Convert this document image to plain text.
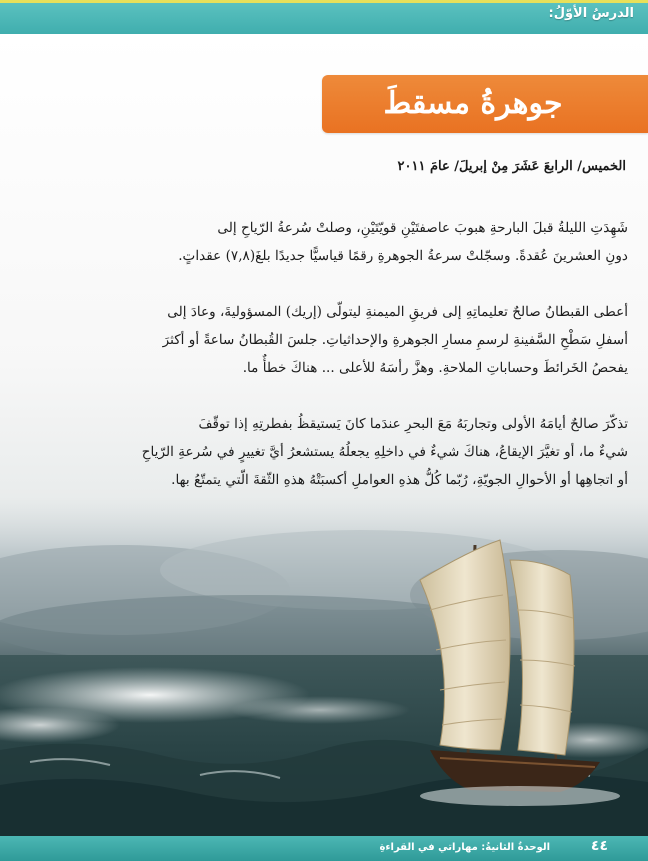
الدرسُ الأوّلُ:
جوهرةُ مسقطَ
الخميس/ الرابعَ عَشَرَ مِنْ إبريلَ/ عامَ ٢٠١١
شَهِدَتِ الليلةُ قبلَ البارحةِ هبوبَ عاصفتَيْنِ قويّتَيْنِ، وصلتْ سُرعةُ الرّياحِ إلى
دونِ العشرينَ عُقدةً. وسجّلتْ سرعةُ الجوهرةِ رقمًا قياسيًّا جديدًا بلغَ(٧,٨) عقداتٍ.
أعطى القبطانُ صالحٌ تعليماتِهِ إلى فريقِ الميمنةِ ليتولّى (إريك) المسؤوليةَ، وعادَ إلى
أسفلِ سَطْحِ السَّفينةِ لرسمِ مسارِ الجوهرةِ والإحداثياتِ. جلسَ القُبطانُ ساعةً أو أكثرَ
يفحصُ الخَرائطَ وحساباتِ الملاحةِ. وهزَّ رأسَهُ للأعلى ... هناكَ خطأٌ ما.
تذكّرَ صالحٌ أيامَهُ الأولى وتجاربَهُ مَعَ البحرِ عندَما كانَ يَستيقظُ بفطرتِهِ إذا توقّفَ
شيءٌ ما، أو تغيَّرَ الإيقاعُ، هناكَ شيءٌ في داخلِهِ يجعلُهُ يستشعرُ أيَّ تغييرٍ في سُرعةِ الرّياحِ
أو اتجاهِها أو الأحوالِ الجويّةِ، رُبّما كُلُّ هذهِ العواملِ أكسبَتْهُ هذهِ الثّقةَ الّتي يتمتّعُ بها.
الوحدةُ الثانيةُ: مهاراتي في القراءةِ	٤٤
